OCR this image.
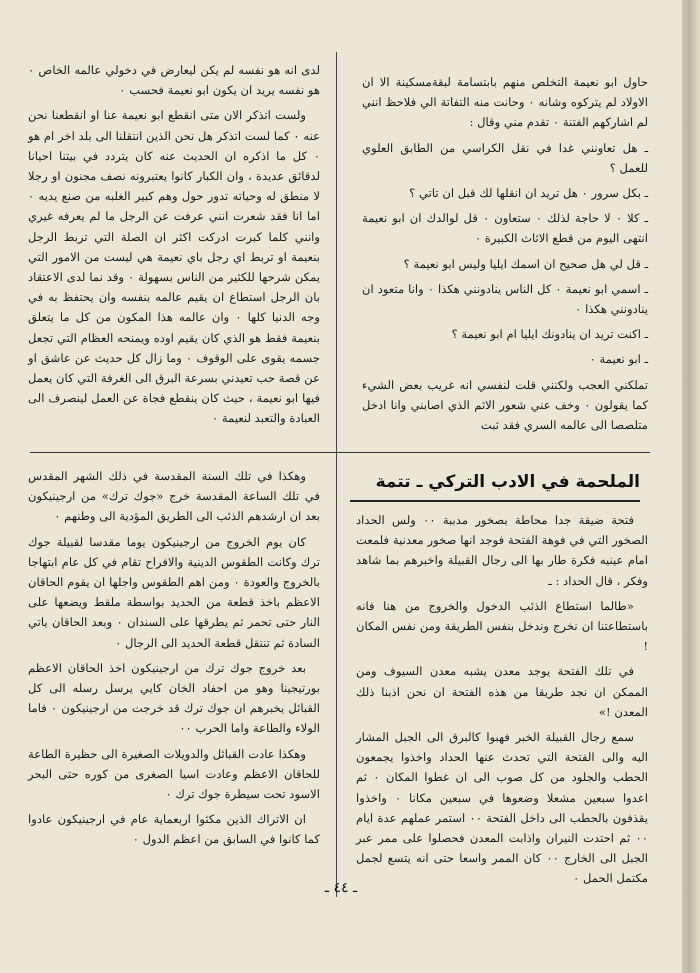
حاول ابو نعيمة التخلص منهم بابتسامة لبقةمسكينة الا ان الاولاد لم يتركوه وشانه ٠ وحانت منه التفاتة الي فلاحظ انني لم اشاركهم الفتنة ٠ تقدم مني وقال :

ـ هل تعاونني غدا في نقل الكراسي من الطابق العلوي للعمل ؟

ـ بكل سرور ٠ هل تريد ان انقلها لك قبل ان تاتي ؟

ـ كلا ٠ لا حاجة لذلك ٠ ستعاون ٠ قل لوالدك ان ابو نعيمة انتهى اليوم من قطع الاثاث الكبيرة ٠

ـ قل لي هل صحيح ان اسمك ايليا وليس ابو نعيمة ؟

ـ اسمي ابو نعيمة ٠ كل الناس ينادونني هكذا ٠ وانا متعود ان ينادونني هكذا ٠

ـ اكنت تريد ان ينادونك ايليا ام ابو نعيمة ؟

ـ ابو نعيمة ٠

تملكني العجب ولكنني قلت لنفسي انه غريب بعض الشيء كما يقولون ٠ وخف عني شعور الاثم الذي اصابني وانا ادخل متلصصا الى عالمه السري فقد ثبت

لدى انه هو نفسه لم يكن ليعارض في دخولي عالمه الخاص ٠ هو نفسه يريد ان يكون ابو نعيمة فحسب ٠

ولست اتذكر الان متى انقطع ابو نعيمة عنا او انقطعنا نحن عنه ٠ كما لست اتذكر هل نحن الذين انتقلنا الى بلد اخر ام هو ٠ كل ما اذكره ان الحديث عنه كان يتردد في بيتنا احيانا لدقائق عديدة ، وان الكبار كانوا يعتبرونه نصف مجنون او رجلا لا منطق له وحياته تدور حول وهم كبير الغلبه من صنع يديه ٠ اما انا فقد شعرت انني عرفت عن الرجل ما لم يعرفه غيري وانني كلما كبرت ادركت اكثر ان الصلة التي تربط الرجل بنعيمة او تربط اي رجل باي نعيمة هي ليست من الامور التي يمكن شرحها للكثير من الناس بسهولة ٠ وقد نما لدى الاعتقاد بان الرجل استطاع ان يقيم عالمه بنفسه وان يحتفظ به في وجه الدنيا كلها ٠ وان عالمه هذا المكون من كل ما يتعلق بنعيمة فقط هو الذي كان يقيم اوده ويمنحه العظام التي تجعل جسمه يقوى على الوقوف ٠ وما زال كل حديث عن عاشق او عن قصة حب تعيدني بسرعة البرق الى الغرفة التي كان يعمل فيها ابو نعيمة ، حيث كان ينقطع فجاة عن العمل لينصرف الى العبادة والتعبد لنعيمة ٠

الملحمة في الادب التركي ـ تتمة

فتحة ضيقة جدا محاطة بصخور مدببة ٠٠ ولس الحداد الصخور التي في فوهة الفتحة فوجد انها صخور معدنية فلمعت امام عينيه فكرة طار بها الى رجال القبيلة واخبرهم بما شاهد وفكر ، قال الحداد : ـ

«طالما استطاع الذئب الدخول والخروج من هنا فانه باستطاعتنا ان نخرج وندخل بنفس الطريقة ومن نفس المكان !

في تلك الفتحة يوجد معدن يشبه معدن السيوف ومن الممكن ان نجد طريقا من هذه الفتحة ان نحن اذبنا ذلك المعدن !»

سمع رجال القبيلة الخبر فهبوا كالبرق الى الجبل المشار اليه والى الفتحة التي تحدث عنها الحداد واخذوا يجمعون الحطب والجلود من كل صوب الى ان غطوا المكان ٠ ثم اعدوا سبعين مشعلا وضعوها في سبعين مكانا ٠ واخذوا يقذفون بالحطب الى داخل الفتحة ٠٠ استمر عملهم عدة ايام ٠٠ ثم احتدت النيران واذابت المعدن فحصلوا على ممر عبر الجبل الى الخارج ٠٠ كان الممر واسعا حتى انه يتسع لجمل مكتمل الحمل ٠

وهكذا في تلك السنة المقدسة في ذلك الشهر المقدس في تلك الساعة المقدسة خرج «جوك ترك» من ارجينيكون بعد ان ارشدهم الذئب الى الطريق المؤدية الى وطنهم ٠

كان يوم الخروج من ارجينيكون يوما مقدسا لقبيلة جوك ترك وكانت الطقوس الدينية والافراح تقام في كل عام ابتهاجا بالخروج والعودة ٠ ومن اهم الطقوس واجلها ان يقوم الحاقان الاعظم باخذ قطعة من الحديد بواسطة ملقط ويضعها على النار حتى تحمر ثم يطرقها على السندان ٠ وبعد الحاقان ياتي السادة ثم تنتقل قطعة الحديد الى الرجال ٠

بعد خروج جوك ترك من ارجينيكون اخذ الحاقان الاعظم بورتيجينا وهو من احفاد الخان كايي يرسل رسله الى كل القبائل يخبرهم ان جوك ترك قد خرجت من ارجينيكون ٠ فاما الولاء والطاعة واما الحرب ٠٠

وهكذا عادت القبائل والدويلات الصغيرة الى حظيرة الطاعة للحاقان الاعظم وعادت اسيا الصغرى من كوره حتى البحر الاسود تحت سيطرة جوك ترك ٠

ان الاتراك الذين مكثوا اربعماية عام في ارجينيكون عادوا كما كانوا في السابق من اعظم الدول ٠

ـ ٤٤ ـ
